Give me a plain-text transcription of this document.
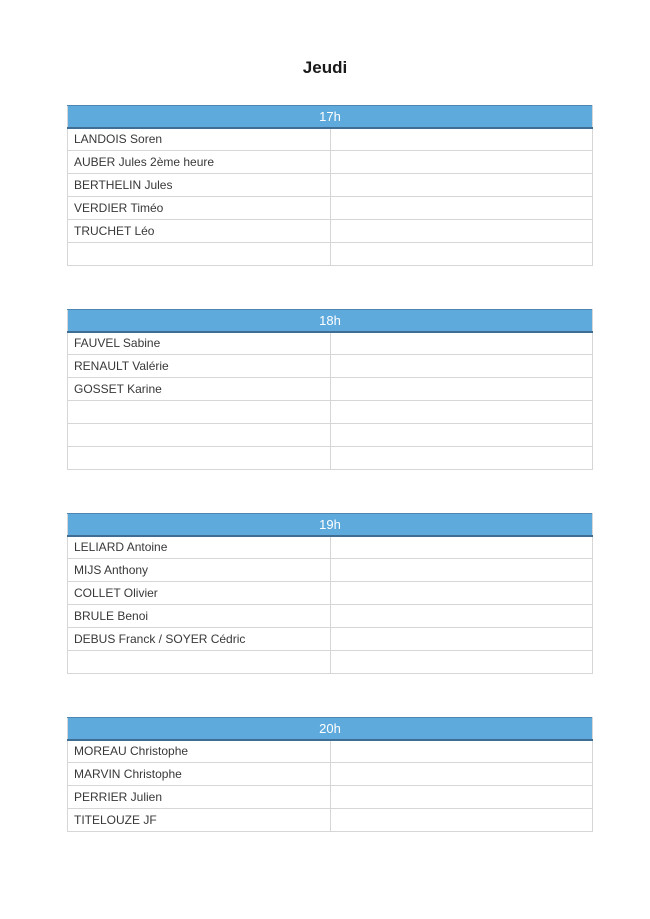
Jeudi
17h	
LANDOIS Soren	
AUBER Jules 2ème heure	
BERTHELIN Jules	
VERDIER Timéo	
TRUCHET Léo	

18h	
FAUVEL Sabine	
RENAULT Valérie	
GOSSET Karine	

19h	
LELIARD Antoine	
MIJS Anthony	
COLLET Olivier	
BRULE Benoi	
DEBUS Franck / SOYER Cédric	

20h	
MOREAU Christophe	
MARVIN Christophe	
PERRIER Julien	
TITELOUZE JF	
